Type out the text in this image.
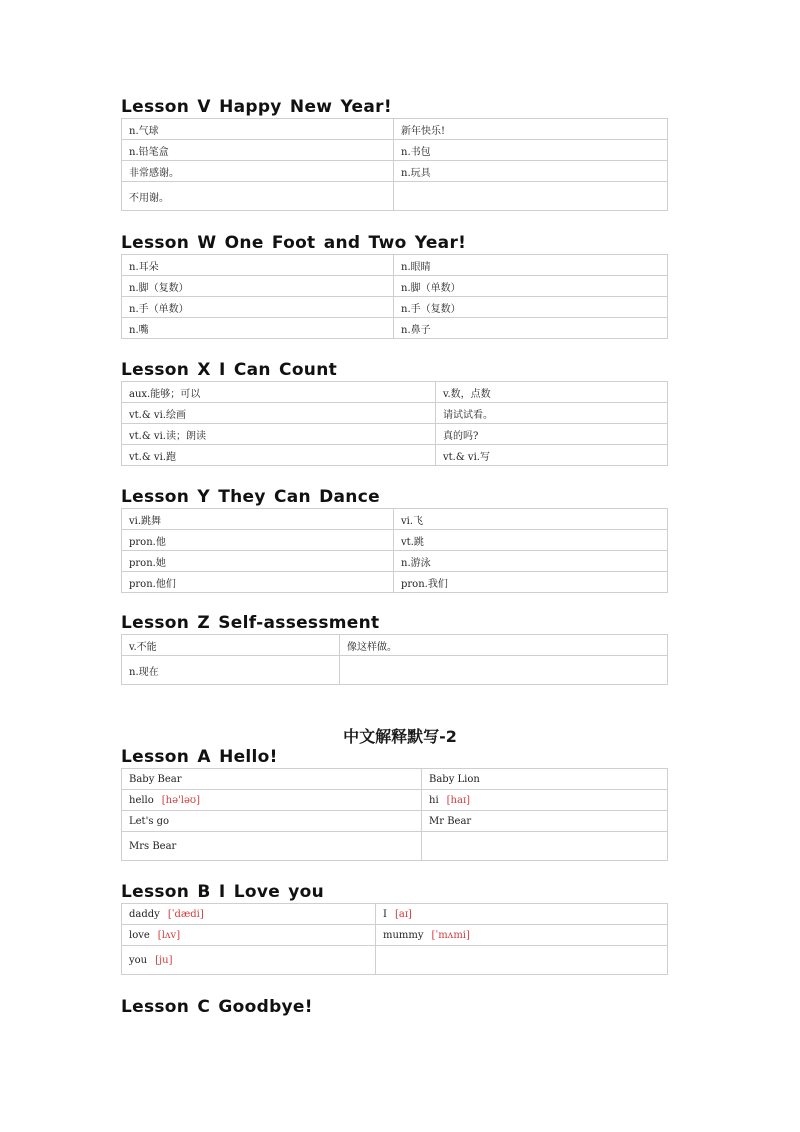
Lesson V Happy New Year!
n.气球	新年快乐!
n.铅笔盒	n.书包
非常感谢。	n.玩具
不用谢。	
Lesson W One Foot and Two Year!
n.耳朵	n.眼睛
n.脚（复数）	n.脚（单数）
n.手（单数）	n.手（复数）
n.嘴	n.鼻子
Lesson X I Can Count
aux.能够；可以	v.数，点数
vt.& vi.绘画	请试试看。
vt.& vi.读；朗读	真的吗?
vt.& vi.跑	vt.& vi.写
Lesson Y They Can Dance
vi.跳舞	vi.飞
pron.他	vt.跳
pron.她	n.游泳
pron.他们	pron.我们
Lesson Z Self-assessment
v.不能	像这样做。
n.现在	
中文解释默写-2
Lesson A Hello!
Baby Bear	Baby Lion
hello [hə'ləʊ]	hi [haɪ]
Let's go	Mr Bear
Mrs Bear	
Lesson B I Love you
daddy [ˈdædi]	I [aɪ]
love [lʌv]	mummy [ˈmʌmi]
you [ju]	
Lesson C Goodbye!
